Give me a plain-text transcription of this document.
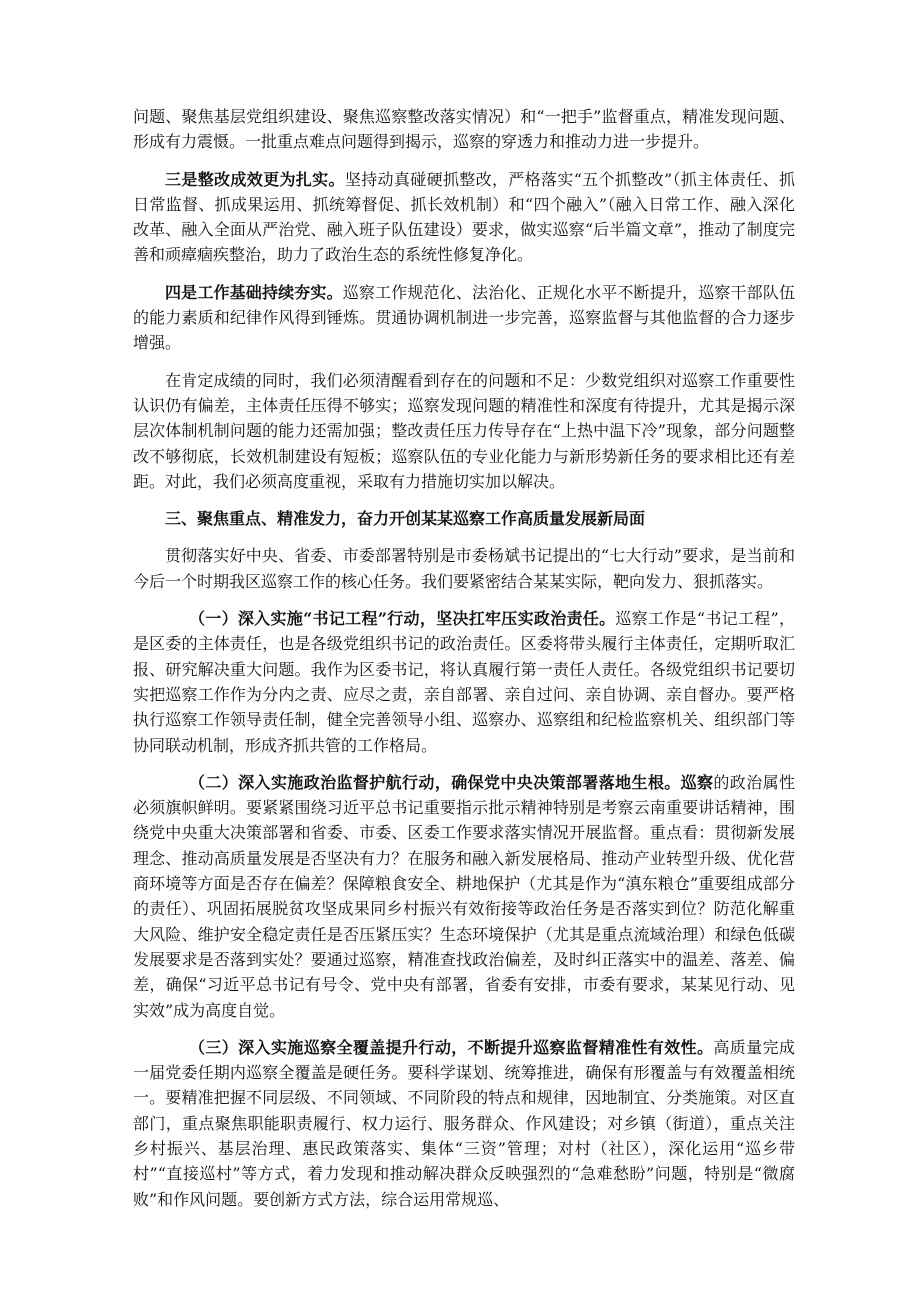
问题、聚焦基层党组织建设、聚焦巡察整改落实情况）和“一把手”监督重点，精准发现问题、形成有力震慑。一批重点难点问题得到揭示，巡察的穿透力和推动力进一步提升。

三是整改成效更为扎实。坚持动真碰硬抓整改，严格落实“五个抓整改”（抓主体责任、抓日常监督、抓成果运用、抓统筹督促、抓长效机制）和“四个融入”（融入日常工作、融入深化改革、融入全面从严治党、融入班子队伍建设）要求，做实巡察“后半篇文章”，推动了制度完善和顽瘴痼疾整治，助力了政治生态的系统性修复净化。

四是工作基础持续夯实。巡察工作规范化、法治化、正规化水平不断提升，巡察干部队伍的能力素质和纪律作风得到锤炼。贯通协调机制进一步完善，巡察监督与其他监督的合力逐步增强。

在肯定成绩的同时，我们必须清醒看到存在的问题和不足：少数党组织对巡察工作重要性认识仍有偏差，主体责任压得不够实；巡察发现问题的精准性和深度有待提升，尤其是揭示深层次体制机制问题的能力还需加强；整改责任压力传导存在“上热中温下冷”现象，部分问题整改不够彻底，长效机制建设有短板；巡察队伍的专业化能力与新形势新任务的要求相比还有差距。对此，我们必须高度重视，采取有力措施切实加以解决。

三、聚焦重点、精准发力，奋力开创某某巡察工作高质量发展新局面

贯彻落实好中央、省委、市委部署特别是市委杨斌书记提出的“七大行动”要求，是当前和今后一个时期我区巡察工作的核心任务。我们要紧密结合某某实际，靶向发力、狠抓落实。

（一）深入实施“书记工程”行动，坚决扛牢压实政治责任。巡察工作是“书记工程”，是区委的主体责任，也是各级党组织书记的政治责任。区委将带头履行主体责任，定期听取汇报、研究解决重大问题。我作为区委书记，将认真履行第一责任人责任。各级党组织书记要切实把巡察工作作为分内之责、应尽之责，亲自部署、亲自过问、亲自协调、亲自督办。要严格执行巡察工作领导责任制，健全完善领导小组、巡察办、巡察组和纪检监察机关、组织部门等协同联动机制，形成齐抓共管的工作格局。

（二）深入实施政治监督护航行动，确保党中央决策部署落地生根。巡察的政治属性必须旗帜鲜明。要紧紧围绕习近平总书记重要指示批示精神特别是考察云南重要讲话精神，围绕党中央重大决策部署和省委、市委、区委工作要求落实情况开展监督。重点看：贯彻新发展理念、推动高质量发展是否坚决有力？在服务和融入新发展格局、推动产业转型升级、优化营商环境等方面是否存在偏差？保障粮食安全、耕地保护（尤其是作为“滇东粮仓”重要组成部分的责任）、巩固拓展脱贫攻坚成果同乡村振兴有效衔接等政治任务是否落实到位？防范化解重大风险、维护安全稳定责任是否压紧压实？生态环境保护（尤其是重点流域治理）和绿色低碳发展要求是否落到实处？要通过巡察，精准查找政治偏差，及时纠正落实中的温差、落差、偏差，确保“习近平总书记有号令、党中央有部署，省委有安排，市委有要求，某某见行动、见实效”成为高度自觉。

（三）深入实施巡察全覆盖提升行动，不断提升巡察监督精准性有效性。高质量完成一届党委任期内巡察全覆盖是硬任务。要科学谋划、统筹推进，确保有形覆盖与有效覆盖相统一。要精准把握不同层级、不同领域、不同阶段的特点和规律，因地制宜、分类施策。对区直部门，重点聚焦职能职责履行、权力运行、服务群众、作风建设；对乡镇（街道），重点关注乡村振兴、基层治理、惠民政策落实、集体“三资”管理；对村（社区），深化运用“巡乡带村”“直接巡村”等方式，着力发现和推动解决群众反映强烈的“急难愁盼”问题，特别是“微腐败”和作风问题。要创新方式方法，综合运用常规巡、
